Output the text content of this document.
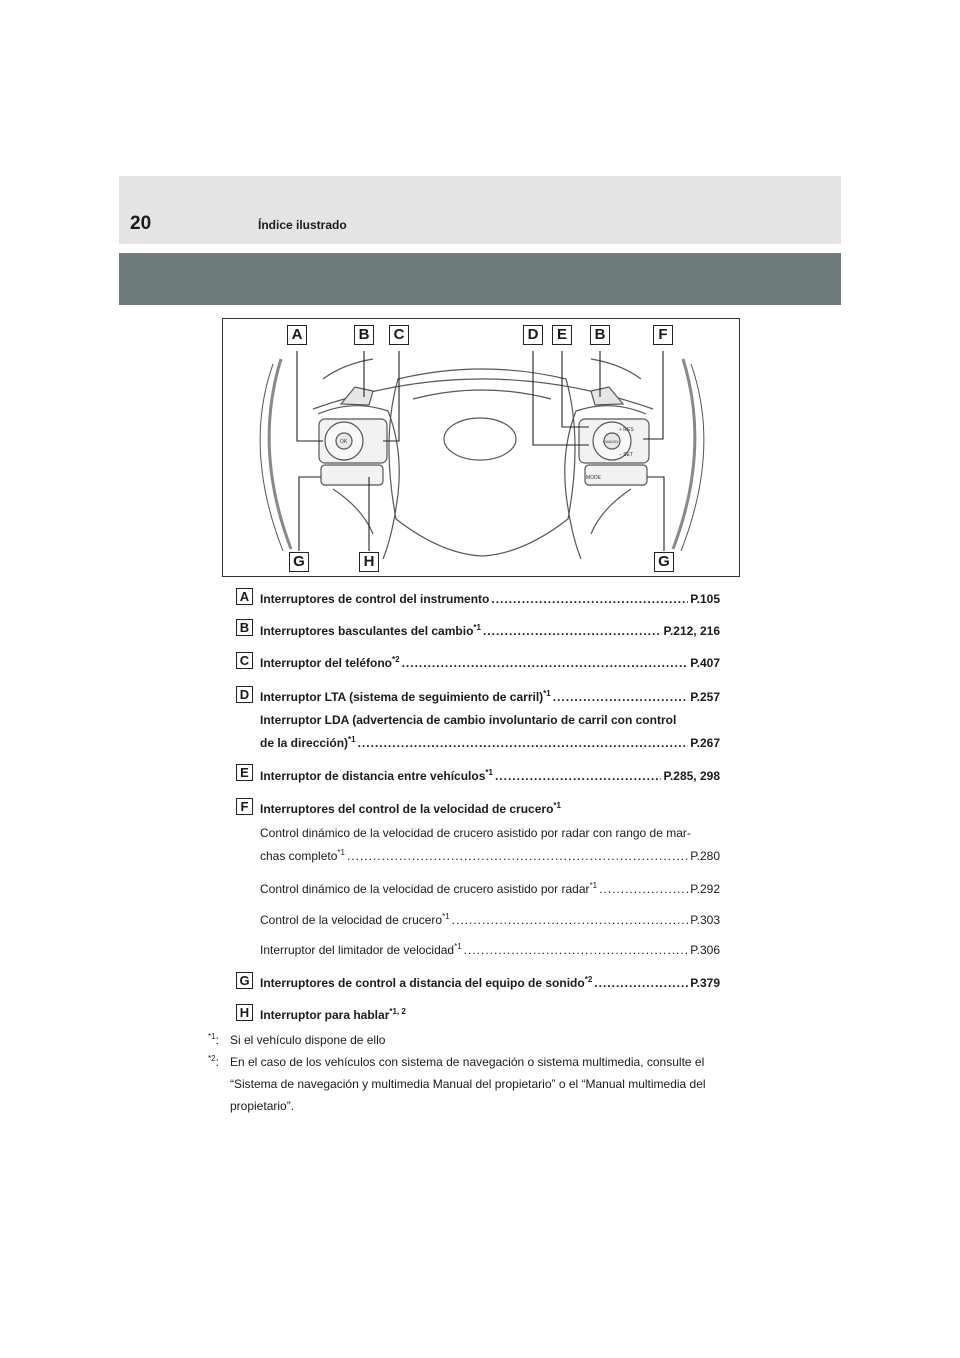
20	Índice ilustrado
OK
MODE
+ RES
− SET
CANCEL
A	B	C	D	E	B	F
G	H	G
A Interruptores de control del instrumento .....	P.105
B Interruptores basculantes del cambio$^{*1}$ .....	P.212, 216
C Interruptor del teléfono$^{*2}$ .....	P.407
D Interruptor LTA (sistema de seguimiento de carril)$^{*1}$ .....	P.257
Interruptor LDA (advertencia de cambio involuntario de carril con control
de la dirección)$^{*1}$ .....	P.267
E Interruptor de distancia entre vehículos$^{*1}$ .....	P.285, 298
F Interruptores del control de la velocidad de crucero$^{*1}$
Control dinámico de la velocidad de crucero asistido por radar con rango de mar-
chas completo$^{*1}$ .....	P.280
Control dinámico de la velocidad de crucero asistido por radar$^{*1}$ .....	P.292
Control de la velocidad de crucero$^{*1}$ .....	P.303
Interruptor del limitador de velocidad$^{*1}$ .....	P.306
G Interruptores de control a distancia del equipo de sonido$^{*2}$ .....	P.379
H Interruptor para hablar$^{*1, 2}$
$^{*1}$: Si el vehículo dispone de ello
$^{*2}$: En el caso de los vehículos con sistema de navegación o sistema multimedia, consulte el “Sistema de navegación y multimedia Manual del propietario” o el “Manual multimedia del propietario”.
